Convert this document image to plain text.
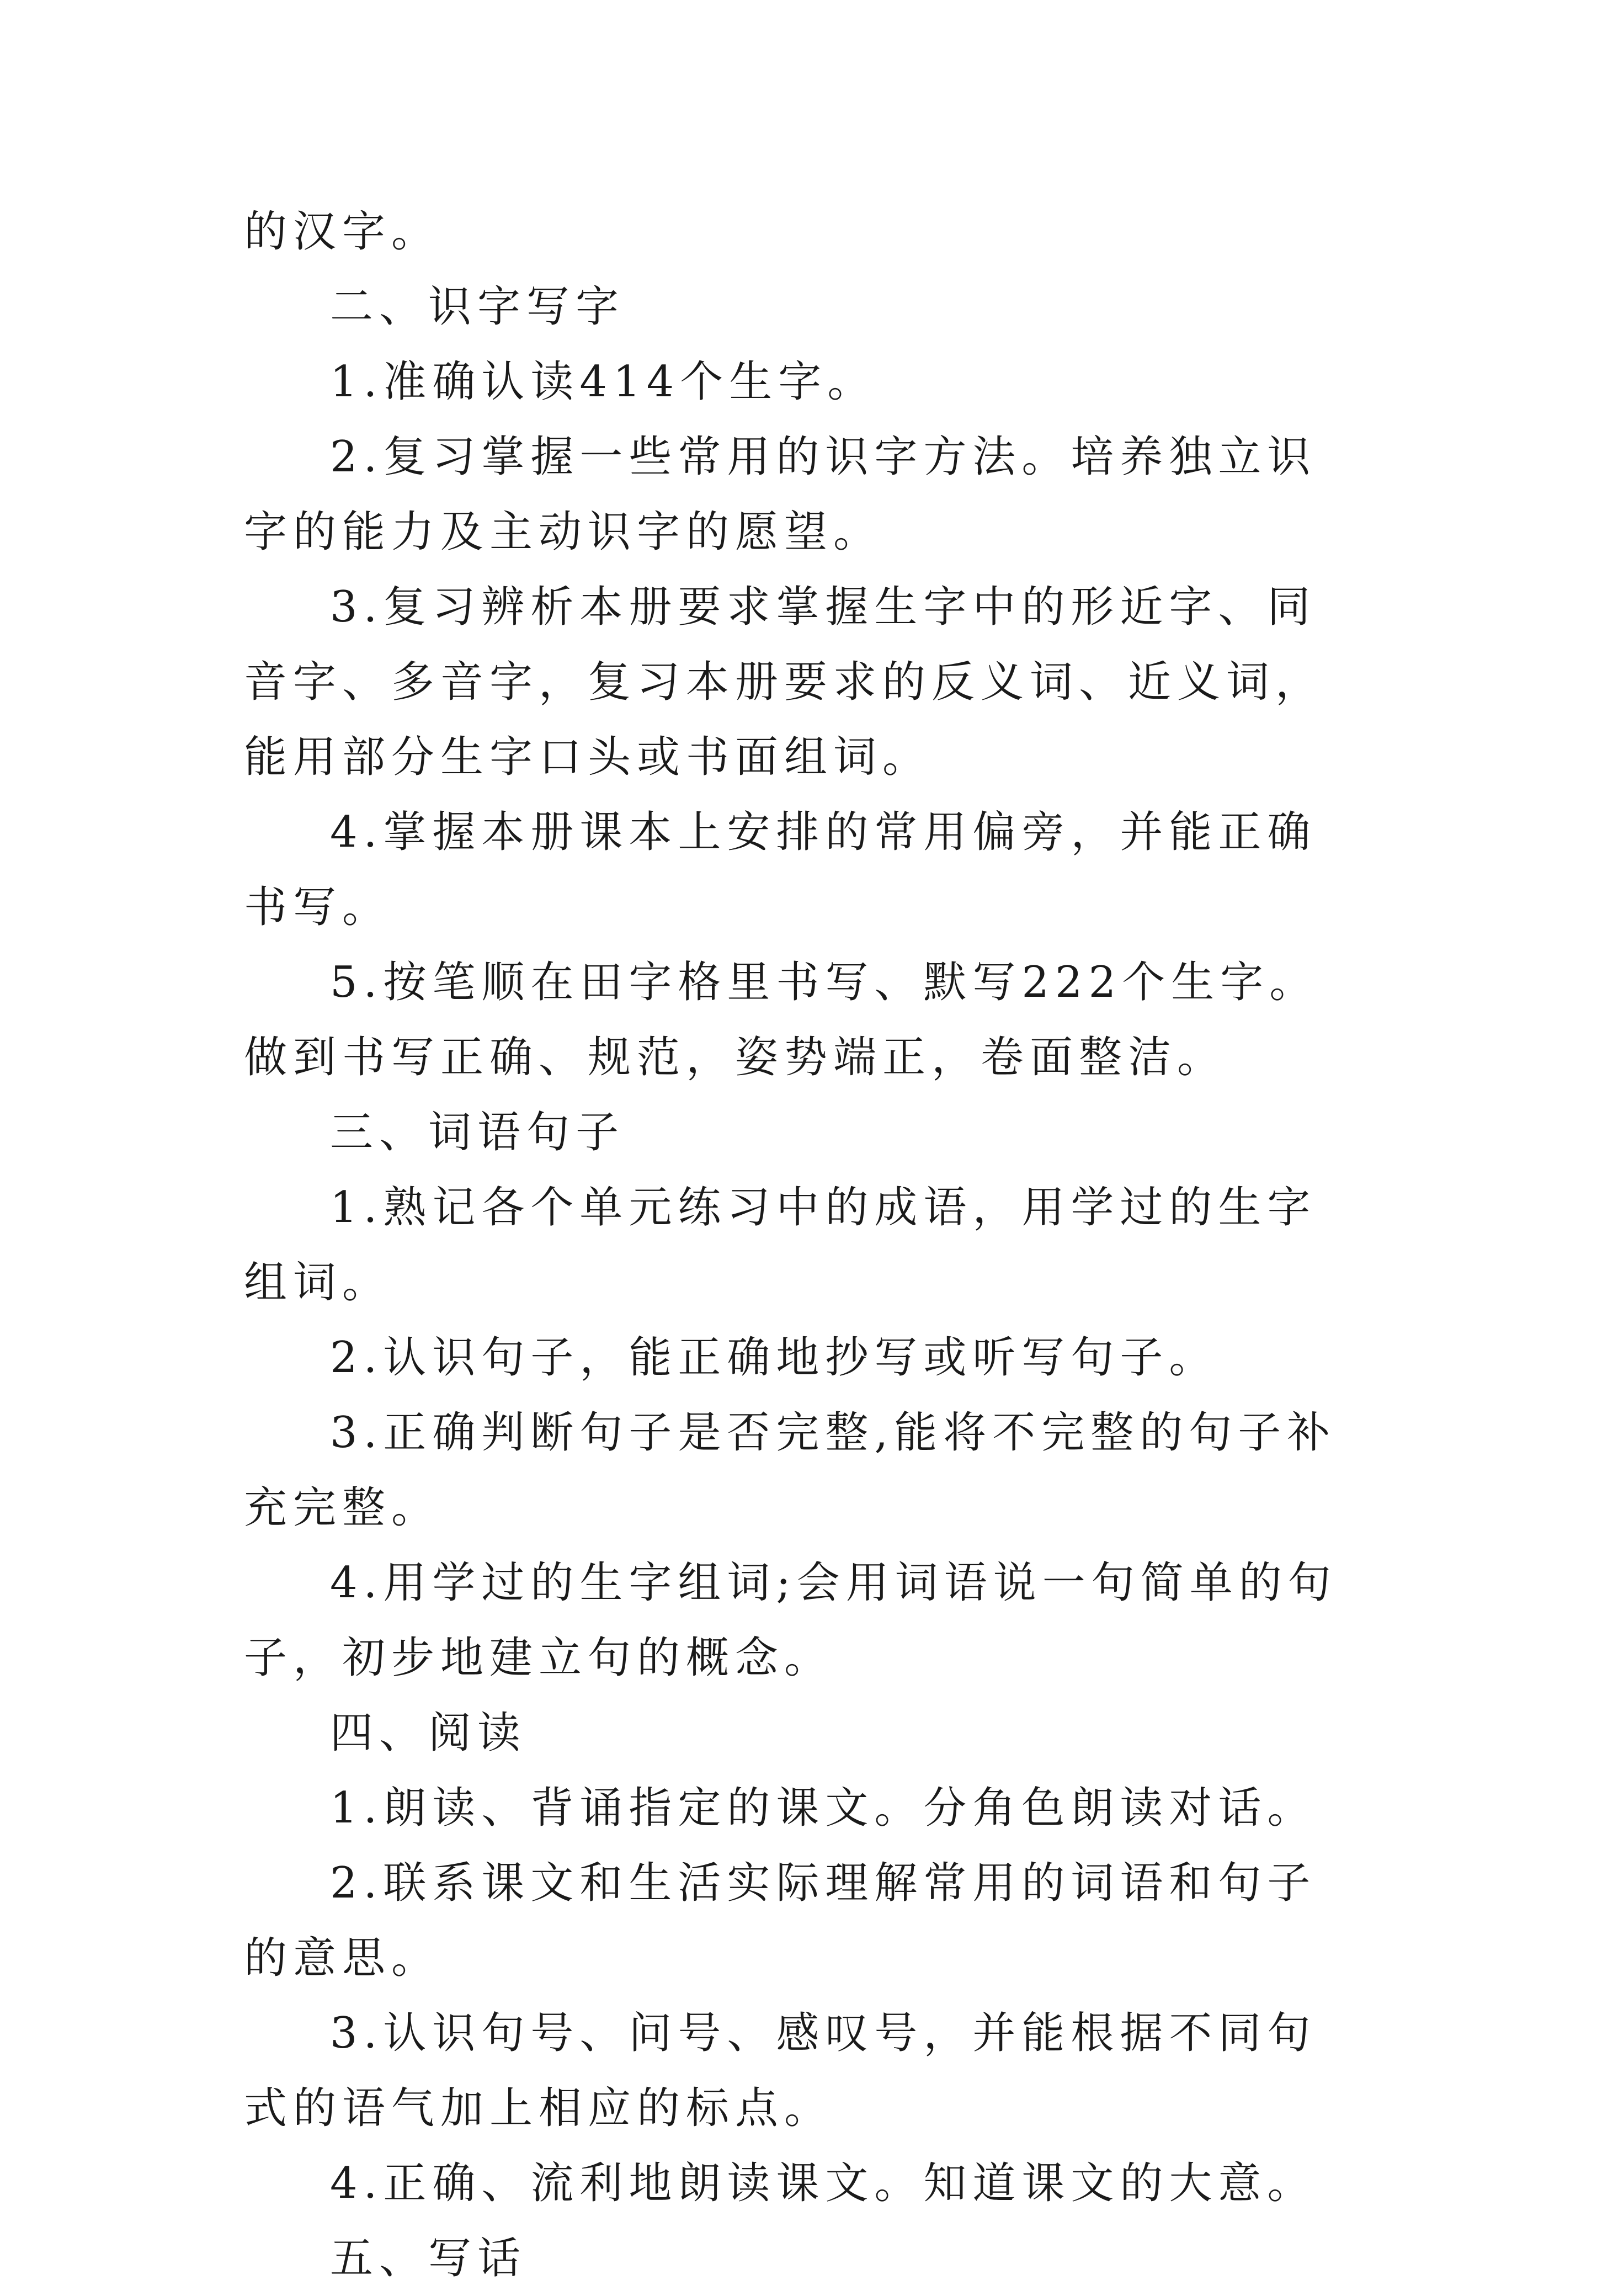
的汉字。

二、识字写字

1.准确认读414个生字。

2.复习掌握一些常用的识字方法。培养独立识字的能力及主动识字的愿望。

3.复习辨析本册要求掌握生字中的形近字、同音字、多音字，复习本册要求的反义词、近义词，能用部分生字口头或书面组词。

4.掌握本册课本上安排的常用偏旁，并能正确书写。

5.按笔顺在田字格里书写、默写222个生字。做到书写正确、规范，姿势端正，卷面整洁。

三、词语句子

1.熟记各个单元练习中的成语，用学过的生字组词。

2.认识句子，能正确地抄写或听写句子。

3.正确判断句子是否完整,能将不完整的句子补充完整。

4.用学过的生字组词;会用词语说一句简单的句子，初步地建立句的概念。

四、阅读

1.朗读、背诵指定的课文。分角色朗读对话。

2.联系课文和生活实际理解常用的词语和句子的意思。

3.认识句号、问号、感叹号，并能根据不同句式的语气加上相应的标点。

4.正确、流利地朗读课文。知道课文的大意。

五、写话
